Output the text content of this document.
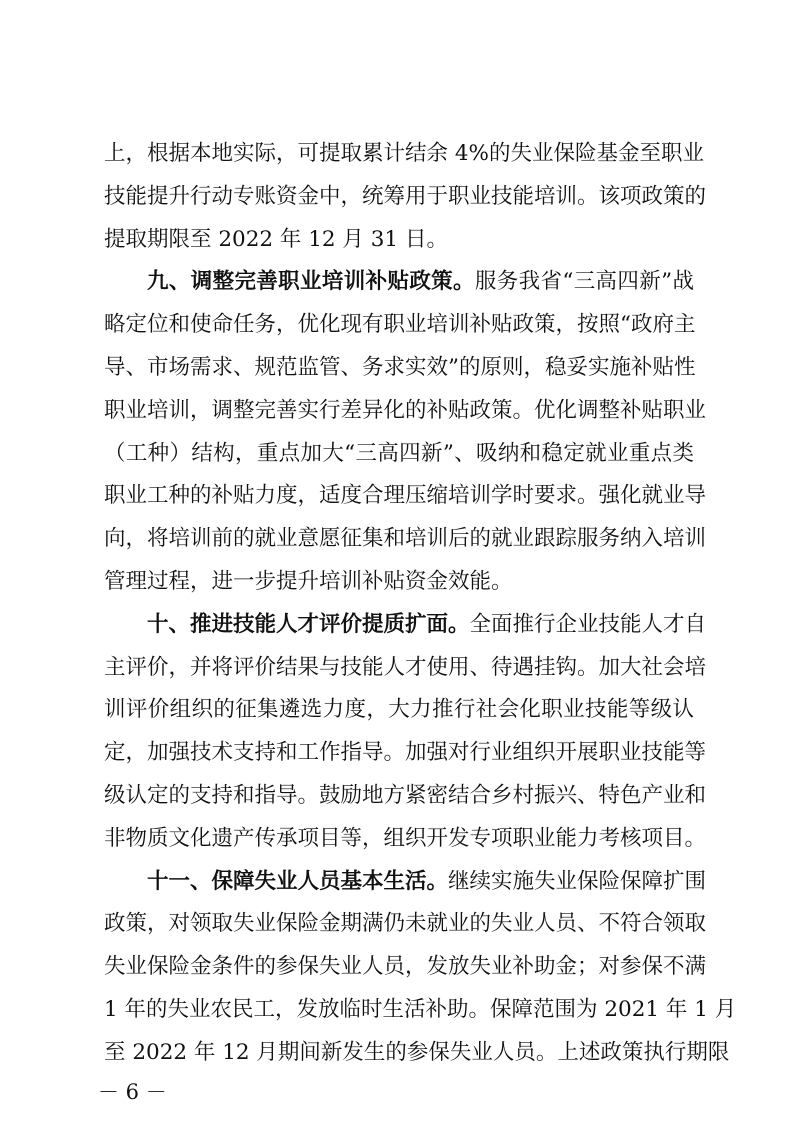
上，根据本地实际，可提取累计结余 4%的失业保险基金至职业
技能提升行动专账资金中，统筹用于职业技能培训。该项政策的
提取期限至 2022 年 12 月 31 日。
九、调整完善职业培训补贴政策。服务我省“三高四新”战
略定位和使命任务，优化现有职业培训补贴政策，按照“政府主
导、市场需求、规范监管、务求实效”的原则，稳妥实施补贴性
职业培训，调整完善实行差异化的补贴政策。优化调整补贴职业
（工种）结构，重点加大“三高四新”、吸纳和稳定就业重点类
职业工种的补贴力度，适度合理压缩培训学时要求。强化就业导
向，将培训前的就业意愿征集和培训后的就业跟踪服务纳入培训
管理过程，进一步提升培训补贴资金效能。
十、推进技能人才评价提质扩面。全面推行企业技能人才自
主评价，并将评价结果与技能人才使用、待遇挂钩。加大社会培
训评价组织的征集遴选力度，大力推行社会化职业技能等级认
定，加强技术支持和工作指导。加强对行业组织开展职业技能等
级认定的支持和指导。鼓励地方紧密结合乡村振兴、特色产业和
非物质文化遗产传承项目等，组织开发专项职业能力考核项目。
十一、保障失业人员基本生活。继续实施失业保险保障扩围
政策，对领取失业保险金期满仍未就业的失业人员、不符合领取
失业保险金条件的参保失业人员，发放失业补助金；对参保不满
1 年的失业农民工，发放临时生活补助。保障范围为 2021 年 1 月
－ 6 －
至 2022 年 12 月期间新发生的参保失业人员。上述政策执行期限
